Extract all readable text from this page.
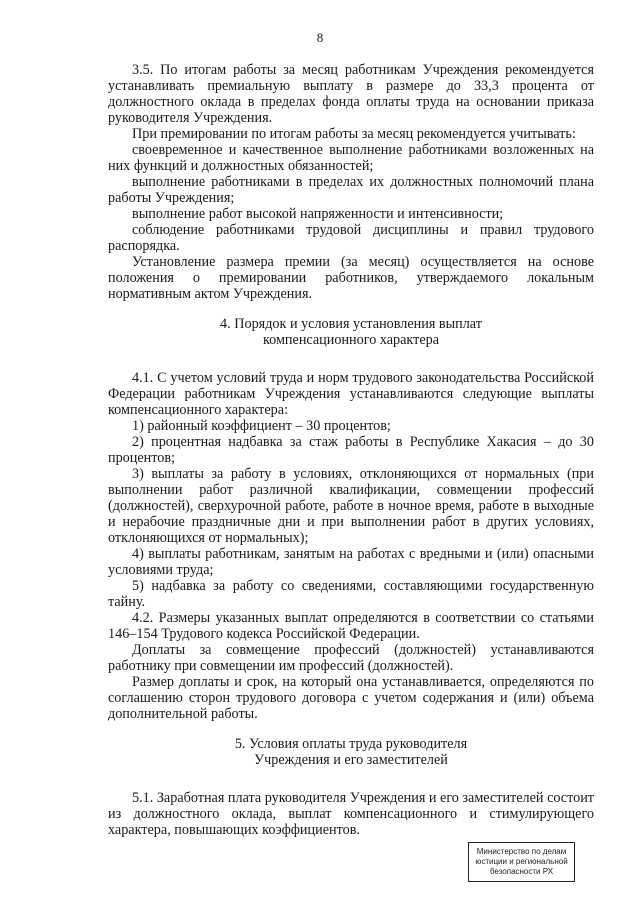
8

3.5. По итогам работы за месяц работникам Учреждения рекомендуется устанавливать премиальную выплату в размере до 33,3 процента от должностного оклада в пределах фонда оплаты труда на основании приказа руководителя Учреждения.

При премировании по итогам работы за месяц рекомендуется учитывать:

своевременное и качественное выполнение работниками возложенных на них функций и должностных обязанностей;

выполнение работниками в пределах их должностных полномочий плана работы Учреждения;

выполнение работ высокой напряженности и интенсивности;

соблюдение работниками трудовой дисциплины и правил трудового распорядка.

Установление размера премии (за месяц) осуществляется на основе положения о премировании работников, утверждаемого локальным нормативным актом Учреждения.

4. Порядок и условия установления выплат

компенсационного характера

4.1. С учетом условий труда и норм трудового законодательства Российской Федерации работникам Учреждения устанавливаются следующие выплаты компенсационного характера:

1) районный коэффициент – 30 процентов;

2) процентная надбавка за стаж работы в Республике Хакасия – до 30 процентов;

3) выплаты за работу в условиях, отклоняющихся от нормальных (при выполнении работ различной квалификации, совмещении профессий (должностей), сверхурочной работе, работе в ночное время, работе в выходные и нерабочие праздничные дни и при выполнении работ в других условиях, отклоняющихся от нормальных);

4) выплаты работникам, занятым на работах с вредными и (или) опасными условиями труда;

5) надбавка за работу со сведениями, составляющими государственную тайну.

4.2. Размеры указанных выплат определяются в соответствии со статьями 146–154 Трудового кодекса Российской Федерации.

Доплаты за совмещение профессий (должностей) устанавливаются работнику при совмещении им профессий (должностей).

Размер доплаты и срок, на который она устанавливается, определяются по соглашению сторон трудового договора с учетом содержания и (или) объема дополнительной работы.

5. Условия оплаты труда руководителя

Учреждения и его заместителей

5.1. Заработная плата руководителя Учреждения и его заместителей состоит из должностного оклада, выплат компенсационного и стимулирующего характера, повышающих коэффициентов.

Министерство по делам
юстиции и региональной
безопасности РХ
